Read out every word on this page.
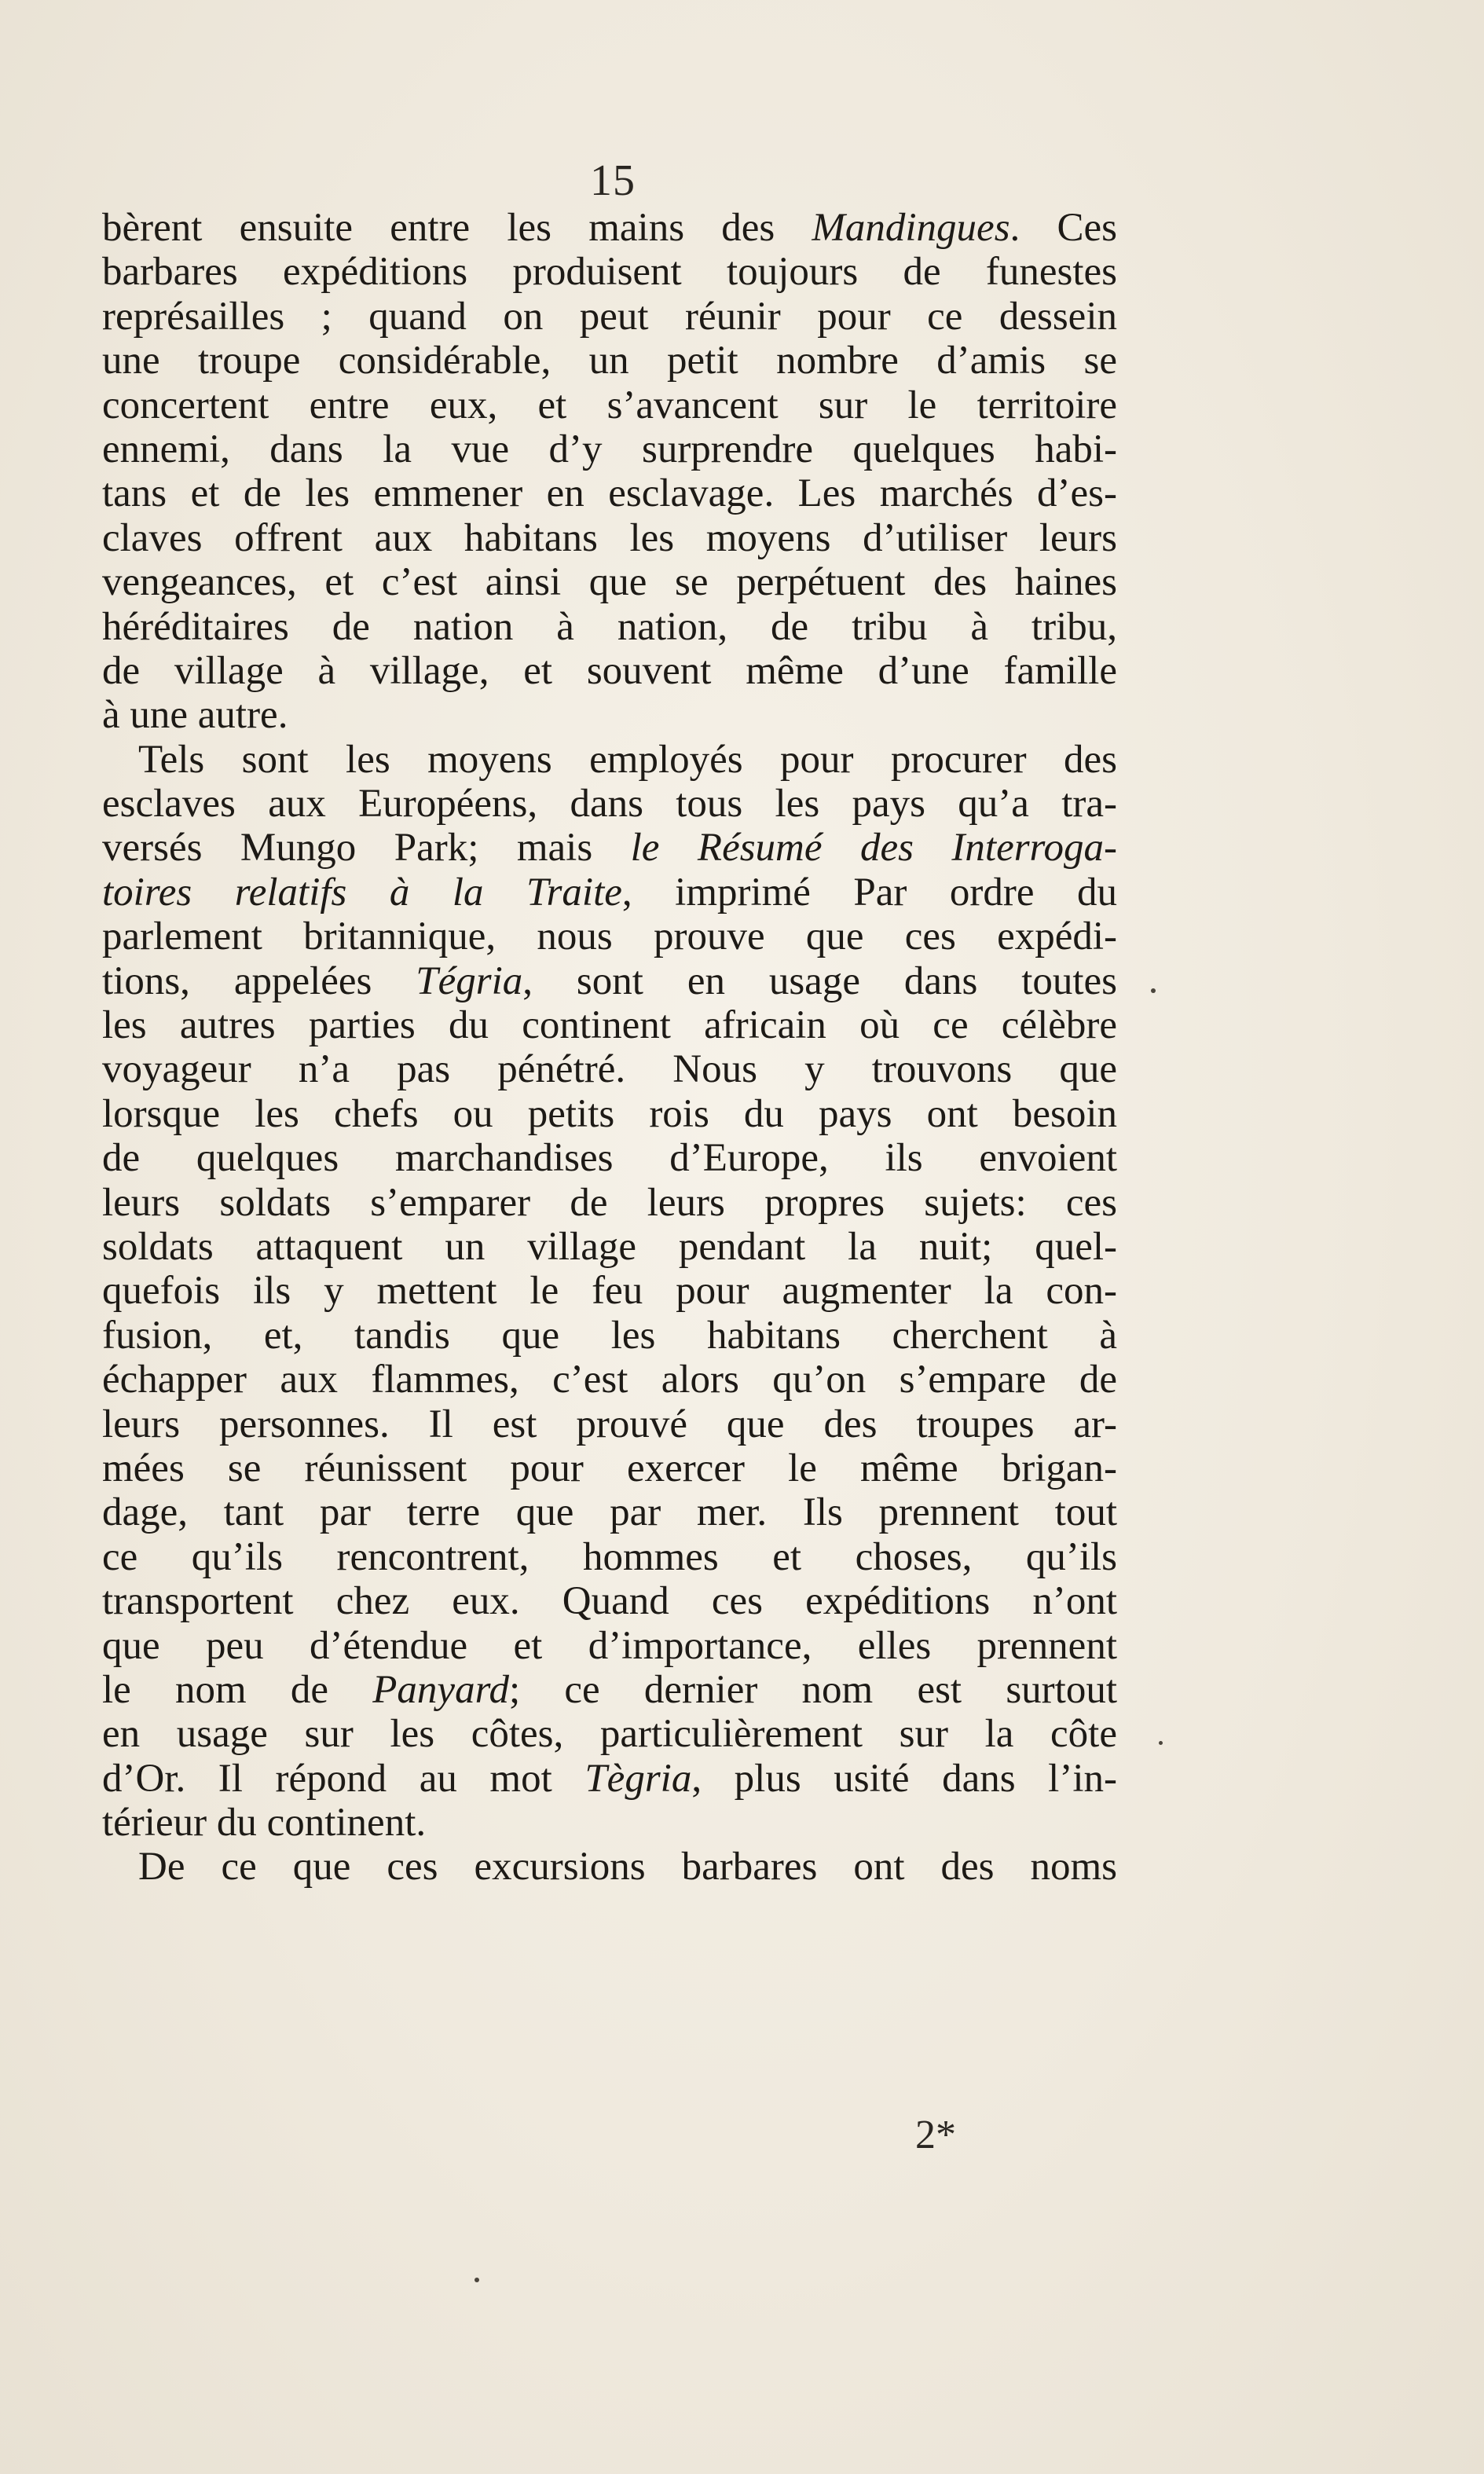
15
bèrent ensuite entre les mains des Mandingues. Ces
barbares expéditions produisent toujours de funestes
représailles ; quand on peut réunir pour ce dessein
une troupe considérable, un petit nombre d’amis se
concertent entre eux, et s’avancent sur le territoire
ennemi, dans la vue d’y surprendre quelques habi-
tans et de les emmener en esclavage. Les marchés d’es-
claves offrent aux habitans les moyens d’utiliser leurs
vengeances, et c’est ainsi que se perpétuent des haines
héréditaires de nation à nation, de tribu à tribu,
de village à village, et souvent même d’une famille
à une autre.
Tels sont les moyens employés pour procurer des
esclaves aux Européens, dans tous les pays qu’a tra-
versés Mungo Park; mais le Résumé des Interroga-
toires relatifs à la Traite, imprimé Par ordre du
parlement britannique, nous prouve que ces expédi-
tions, appelées Tégria, sont en usage dans toutes
les autres parties du continent africain où ce célèbre
voyageur n’a pas pénétré. Nous y trouvons que
lorsque les chefs ou petits rois du pays ont besoin
de quelques marchandises d’Europe, ils envoient
leurs soldats s’emparer de leurs propres sujets: ces
soldats attaquent un village pendant la nuit; quel-
quefois ils y mettent le feu pour augmenter la con-
fusion, et, tandis que les habitans cherchent à
échapper aux flammes, c’est alors qu’on s’empare de
leurs personnes. Il est prouvé que des troupes ar-
mées se réunissent pour exercer le même brigan-
dage, tant par terre que par mer. Ils prennent tout
ce qu’ils rencontrent, hommes et choses, qu’ils
transportent chez eux. Quand ces expéditions n’ont
que peu d’étendue et d’importance, elles prennent
le nom de Panyard; ce dernier nom est surtout
en usage sur les côtes, particulièrement sur la côte
d’Or. Il répond au mot Tègria, plus usité dans l’in-
térieur du continent.
De ce que ces excursions barbares ont des noms
2*
